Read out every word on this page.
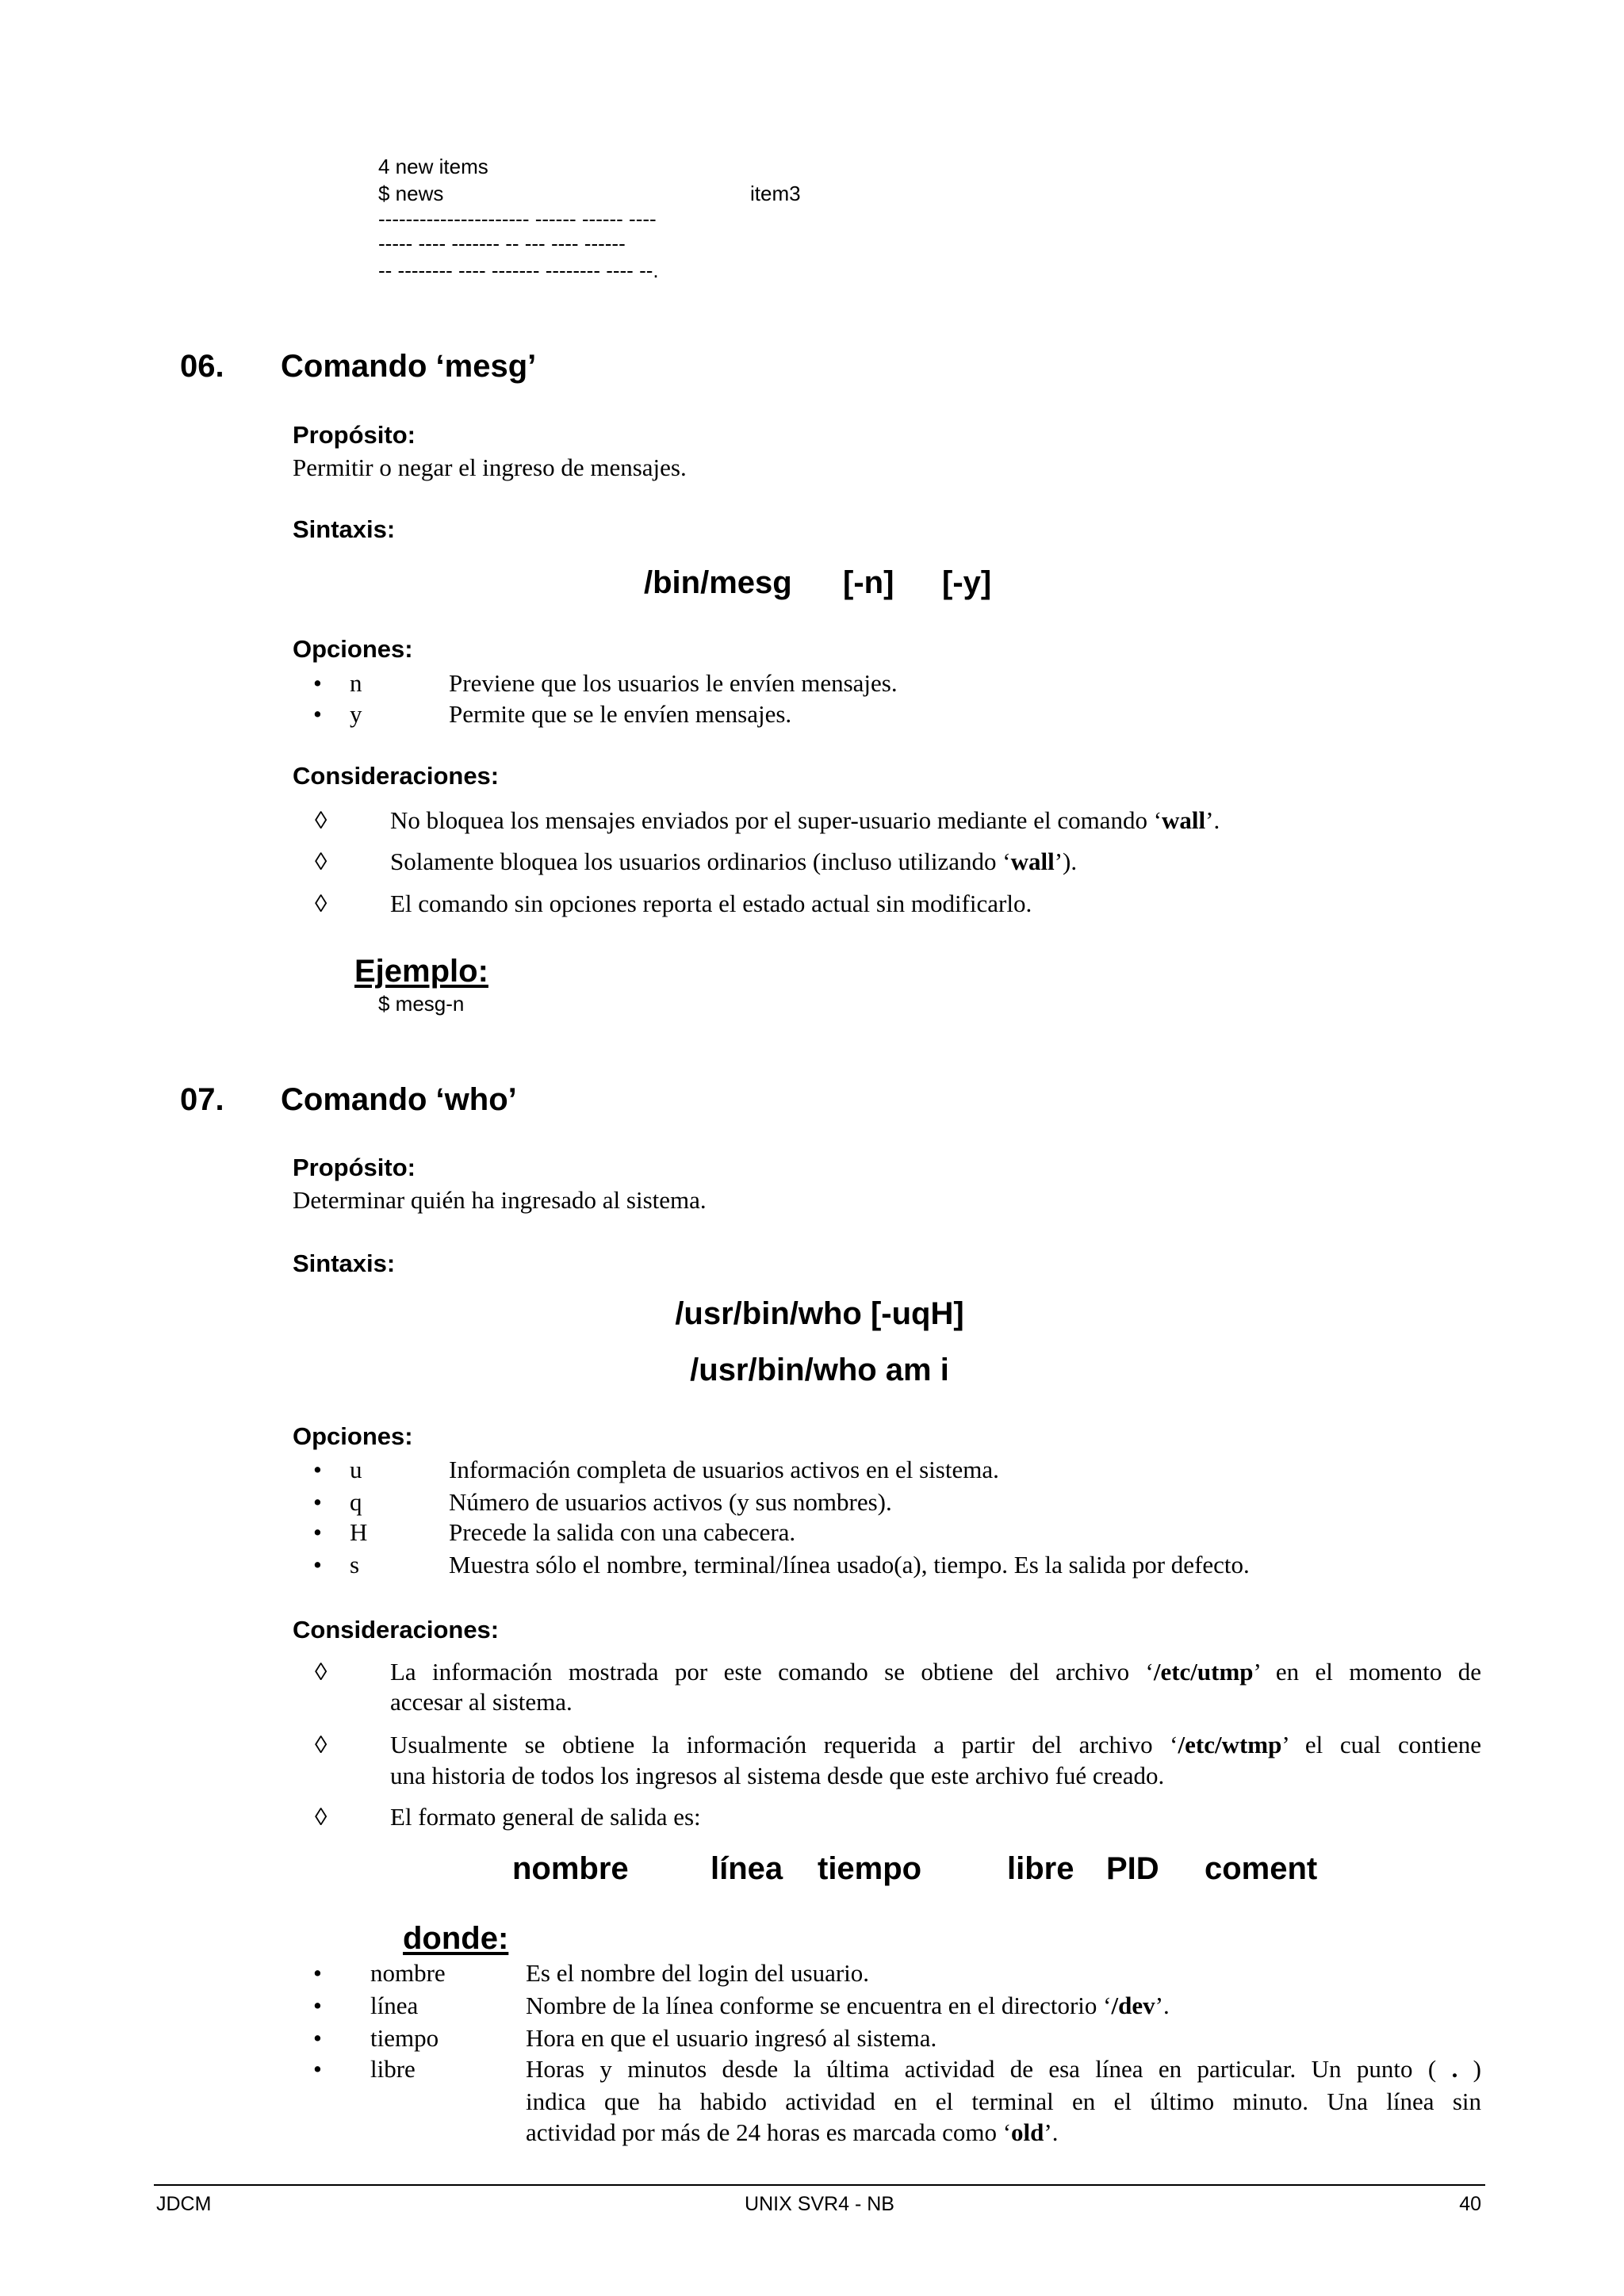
4 new items
$ news	item3
---------------------- ------ ------ ----
----- ---- ------- -- --- ---- ------
-- -------- ---- ------- -------- ---- --.
06. Comando ‘mesg’
Propósito:
Permitir o negar el ingreso de mensajes.
Sintaxis:
/bin/mesg [-n] [-y]
Opciones:
• n	Previene que los usuarios le envíen mensajes.
• y	Permite que se le envíen mensajes.
Consideraciones:
◊	No bloquea los mensajes enviados por el super-usuario mediante el comando ‘wall’.
◊	Solamente bloquea los usuarios ordinarios (incluso utilizando ‘wall’).
◊	El comando sin opciones reporta el estado actual sin modificarlo.
Ejemplo:
$ mesg-n
07. Comando ‘who’
Propósito:
Determinar quién ha ingresado al sistema.
Sintaxis:
/usr/bin/who [-uqH]
/usr/bin/who am i
Opciones:
• u	Información completa de usuarios activos en el sistema.
• q	Número de usuarios activos (y sus nombres).
• H	Precede la salida con una cabecera.
• s	Muestra sólo el nombre, terminal/línea usado(a), tiempo. Es la salida por defecto.
Consideraciones:
◊	La información mostrada por este comando se obtiene del archivo ‘/etc/utmp’ en el momento de
accesar al sistema.
◊	Usualmente se obtiene la información requerida a partir del archivo ‘/etc/wtmp’ el cual contiene
una historia de todos los ingresos al sistema desde que este archivo fué creado.
◊	El formato general de salida es:
nombre	línea tiempo	libre PID coment
donde:
• nombre	Es el nombre del login del usuario.
• línea	Nombre de la línea conforme se encuentra en el directorio ‘/dev’.
• tiempo	Hora en que el usuario ingresó al sistema.
• libre	Horas y minutos desde la última actividad de esa línea en particular. Un punto ( . )
indica que ha habido actividad en el terminal en el último minuto. Una línea sin
actividad por más de 24 horas es marcada como ‘old’.
JDCM	UNIX SVR4 - NB	40
